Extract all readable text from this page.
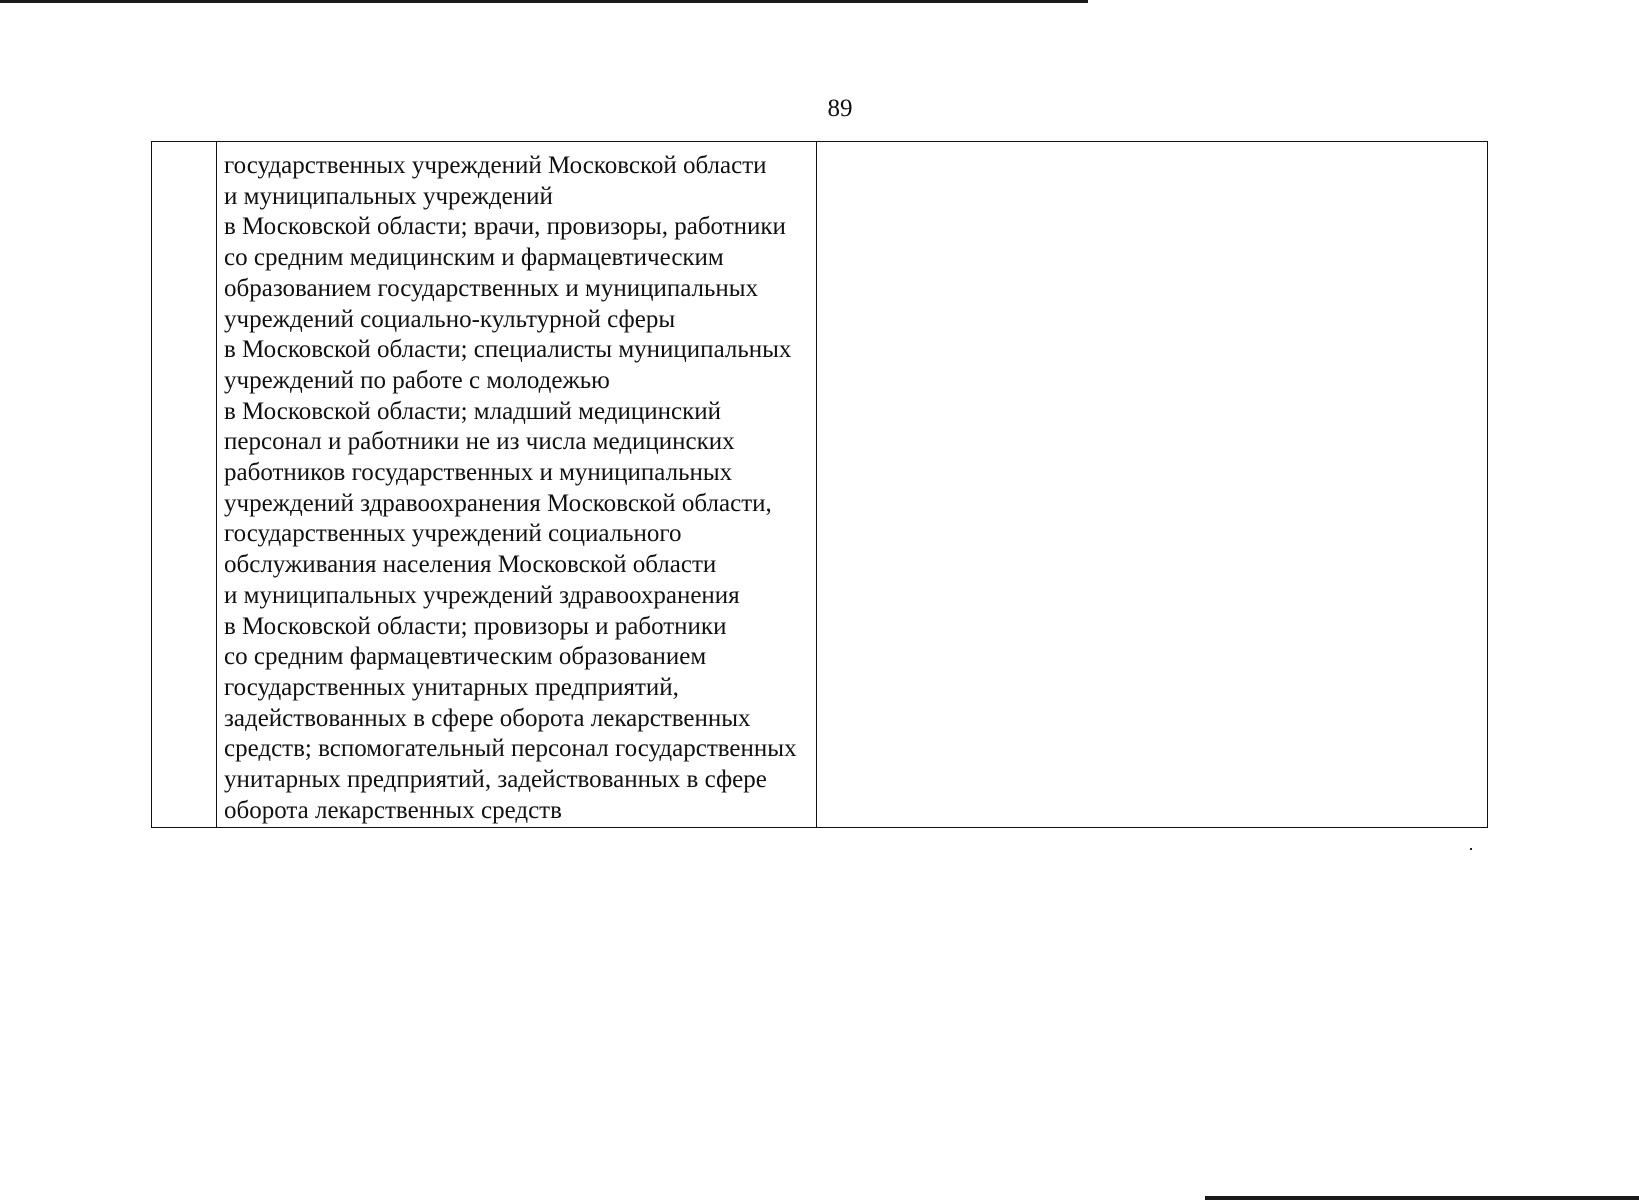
89
государственных учреждений Московской области
и муниципальных учреждений
в Московской области; врачи, провизоры, работники
со средним медицинским и фармацевтическим
образованием государственных и муниципальных
учреждений социально-культурной сферы
в Московской области; специалисты муниципальных
учреждений по работе с молодежью
в Московской области; младший медицинский
персонал и работники не из числа медицинских
работников государственных и муниципальных
учреждений здравоохранения Московской области,
государственных учреждений социального
обслуживания населения Московской области
и муниципальных учреждений здравоохранения
в Московской области; провизоры и работники
со средним фармацевтическим образованием
государственных унитарных предприятий,
задействованных в сфере оборота лекарственных
средств; вспомогательный персонал государственных
унитарных предприятий, задействованных в сфере
оборота лекарственных средств
